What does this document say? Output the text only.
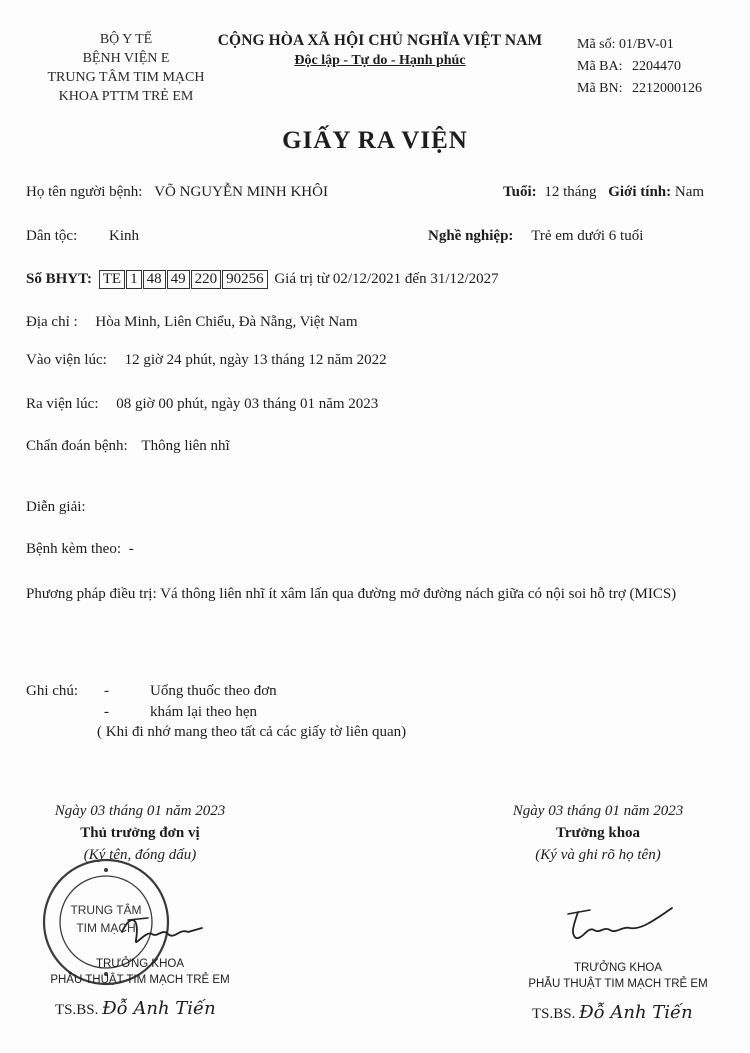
BỘ Y TẾ
BỆNH VIỆN E
TRUNG TÂM TIM MẠCH
KHOA PTTM TRẺ EM
CỘNG HÒA XÃ HỘI CHỦ NGHĨA VIỆT NAM
Độc lập - Tự do - Hạnh phúc
Mã số: 01/BV-01
Mã BA: 2204470
Mã BN: 2212000126
GIẤY RA VIỆN
Họ tên người bệnh: VÕ NGUYỄN MINH KHÔI	Tuổi: 12 tháng Giới tính: Nam
Dân tộc: Kinh	Nghề nghiệp: Trẻ em dưới 6 tuổi
Số BHYT: TE 1 48 49 220 90256 Giá trị từ 02/12/2021 đến 31/12/2027
Địa chỉ : Hòa Minh, Liên Chiểu, Đà Nẵng, Việt Nam
Vào viện lúc: 12 giờ 24 phút, ngày 13 tháng 12 năm 2022
Ra viện lúc: 08 giờ 00 phút, ngày 03 tháng 01 năm 2023
Chẩn đoán bệnh: Thông liên nhĩ
Diễn giải:
Bệnh kèm theo: -
Phương pháp điều trị: Vá thông liên nhĩ ít xâm lấn qua đường mở đường nách giữa có nội soi hỗ trợ (MICS)
Ghi chú: -	Uống thuốc theo đơn
-	khám lại theo hẹn
( Khi đi nhớ mang theo tất cả các giấy tờ liên quan)
Ngày 03 tháng 01 năm 2023
Thủ trưởng đơn vị
(Ký tên, đóng dấu)
TRUNG TÂM
TIM MẠCH
TRƯỞNG KHOA
PHẪU THUẬT TIM MẠCH TRẺ EM
TS.BS. Đỗ Anh Tiến
Ngày 03 tháng 01 năm 2023
Trưởng khoa
(Ký và ghi rõ họ tên)
TRƯỞNG KHOA
PHẪU THUẬT TIM MẠCH TRẺ EM
TS.BS. Đỗ Anh Tiến
